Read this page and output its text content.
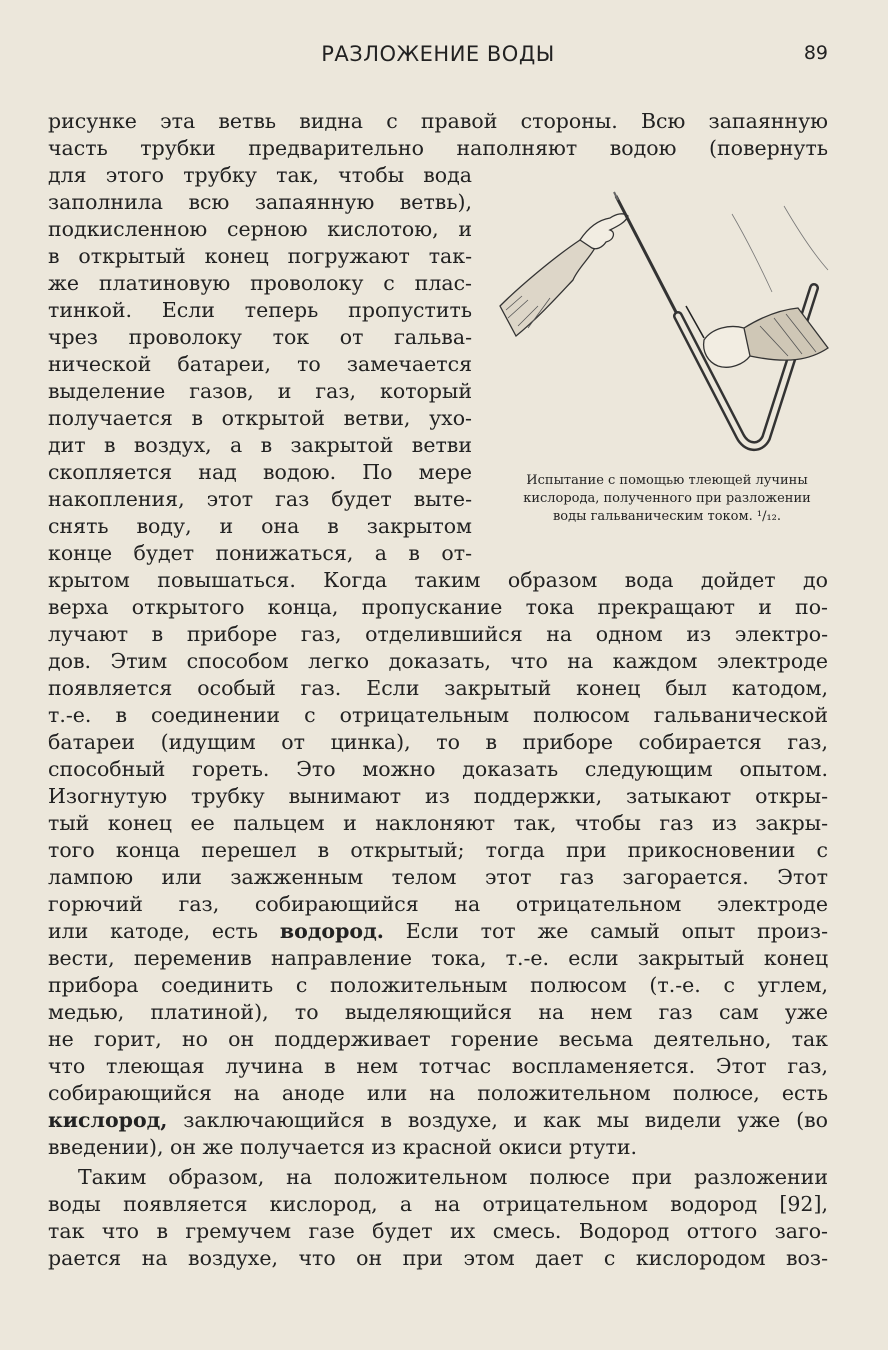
РАЗЛОЖЕНИЕ ВОДЫ	89
Испытание с помощью тлеющей лучины
кислорода, полученного при разложении
воды гальваническим током. ¹/₁₂.
рисунке эта ветвь видна с правой стороны. Всю запаянную
часть трубки предварительно наполняют водою (повернуть
для этого трубку так, чтобы вода
заполнила всю запаянную ветвь),
подкисленною серною кислотою, и
в открытый конец погружают так-
же платиновую проволоку с плас-
тинкой. Если теперь пропустить
чрез проволоку ток от гальва-
нической батареи, то замечается
выделение газов, и газ, который
получается в открытой ветви, ухо-
дит в воздух, а в закрытой ветви
скопляется над водою. По мере
накопления, этот газ будет выте-
снять воду, и она в закрытом
конце будет понижаться, а в от-
крытом повышаться. Когда таким образом вода дойдет до
верха открытого конца, пропускание тока прекращают и по-
лучают в приборе газ, отделившийся на одном из электро-
дов. Этим способом легко доказать, что на каждом электроде
появляется особый газ. Если закрытый конец был катодом,
т.-е. в соединении с отрицательным полюсом гальванической
батареи (идущим от цинка), то в приборе собирается газ,
способный гореть. Это можно доказать следующим опытом.
Изогнутую трубку вынимают из поддержки, затыкают откры-
тый конец ее пальцем и наклоняют так, чтобы газ из закры-
того конца перешел в открытый; тогда при прикосновении с
лампою или зажженным телом этот газ загорается. Этот
горючий газ, собирающийся на отрицательном электроде
или катоде, есть водород. Если тот же самый опыт произ-
вести, переменив направление тока, т.-е. если закрытый конец
прибора соединить с положительным полюсом (т.-е. с углем,
медью, платиной), то выделяющийся на нем газ сам уже
не горит, но он поддерживает горение весьма деятельно, так
что тлеющая лучина в нем тотчас воспламеняется. Этот газ,
собирающийся на аноде или на положительном полюсе, есть
кислород, заключающийся в воздухе, и как мы видели уже (во
введении), он же получается из красной окиси ртути.
Таким образом, на положительном полюсе при разложении
воды появляется кислород, а на отрицательном водород [92],
так что в гремучем газе будет их смесь. Водород оттого заго-
рается на воздухе, что он при этом дает с кислородом воз-
